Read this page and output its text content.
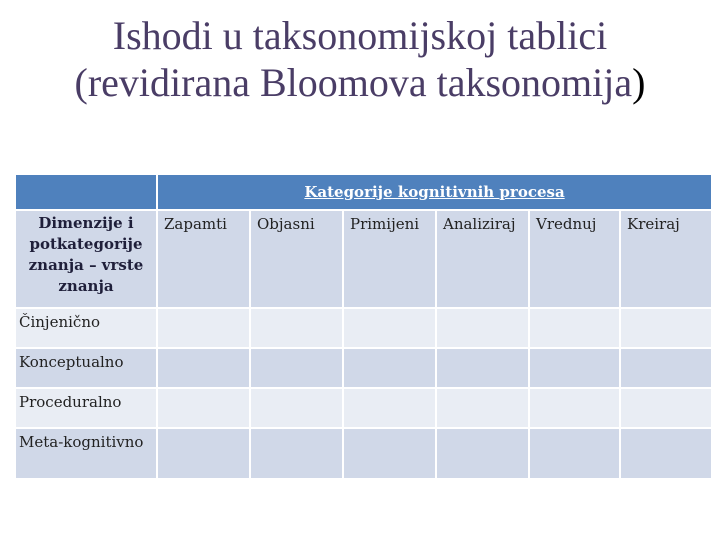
Ishodi u taksonomijskoj tablici
(revidirana Bloomova taksonomija)
	Kategorije kognitivnih procesa					
Dimenzije i potkategorije znanja – vrste znanja	Zapamti	Objasni	Primijeni	Analiziraj	Vrednuj	Kreiraj
Činjenično						
Konceptualno						
Proceduralno						
Meta-kognitivno						
